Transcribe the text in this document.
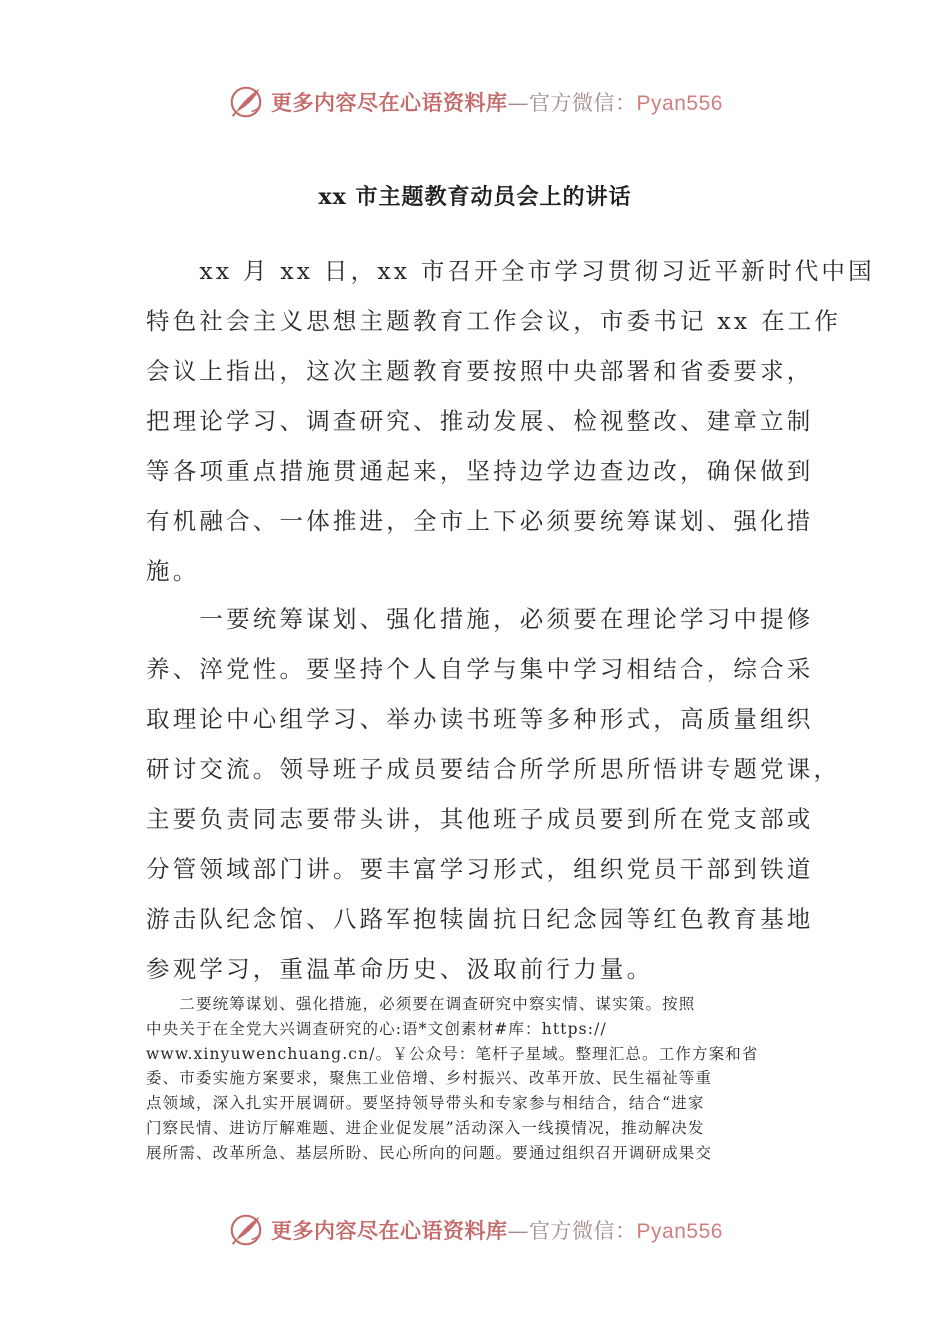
更多内容尽在心语资料库—官方微信：Pyan556
xx 市主题教育动员会上的讲话

　　xx 月 xx 日，xx 市召开全市学习贯彻习近平新时代中国
特色社会主义思想主题教育工作会议，市委书记 xx 在工作
会议上指出，这次主题教育要按照中央部署和省委要求，
把理论学习、调查研究、推动发展、检视整改、建章立制
等各项重点措施贯通起来，坚持边学边查边改，确保做到
有机融合、一体推进，全市上下必须要统筹谋划、强化措
施。

　　一要统筹谋划、强化措施，必须要在理论学习中提修
养、淬党性。要坚持个人自学与集中学习相结合，综合采
取理论中心组学习、举办读书班等多种形式，高质量组织
研讨交流。领导班子成员要结合所学所思所悟讲专题党课，
主要负责同志要带头讲，其他班子成员要到所在党支部或
分管领域部门讲。要丰富学习形式，组织党员干部到铁道
游击队纪念馆、八路军抱犊崮抗日纪念园等红色教育基地
参观学习，重温革命历史、汲取前行力量。

　　二要统筹谋划、强化措施，必须要在调查研究中察实情、谋实策。按照
中央关于在全党大兴调查研究的心:语*文创素材#库：https://
www.xinyuwenchuang.cn/。￥公众号：笔杆子星域。整理汇总。工作方案和省
委、市委实施方案要求，聚焦工业倍增、乡村振兴、改革开放、民生福祉等重
点领域，深入扎实开展调研。要坚持领导带头和专家参与相结合，结合“进家
门察民情、进访厅解难题、进企业促发展”活动深入一线摸情况，推动解决发
展所需、改革所急、基层所盼、民心所向的问题。要通过组织召开调研成果交

更多内容尽在心语资料库—官方微信：Pyan556
